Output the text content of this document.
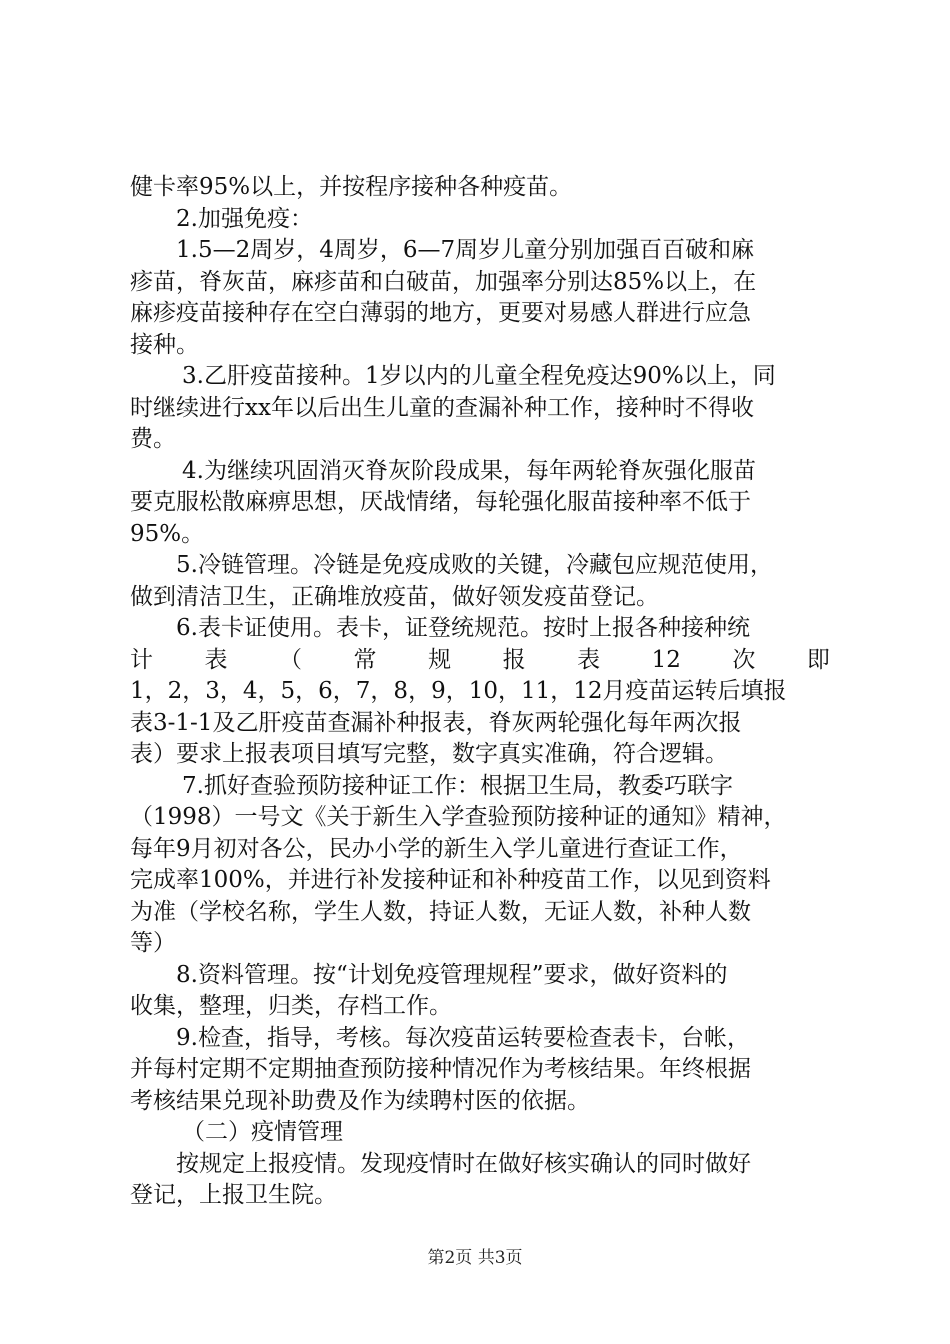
健卡率95%以上，并按程序接种各种疫苗。

2.加强免疫：

1.5—2周岁，4周岁，6—7周岁儿童分别加强百百破和麻

疹苗，脊灰苗，麻疹苗和白破苗，加强率分别达85%以上，在

麻疹疫苗接种存在空白薄弱的地方，更要对易感人群进行应急

接种。

3.乙肝疫苗接种。1岁以内的儿童全程免疫达90%以上，同

时继续进行xx年以后出生儿童的查漏补种工作，接种时不得收

费。

4.为继续巩固消灭脊灰阶段成果，每年两轮脊灰强化服苗

要克服松散麻痹思想，厌战情绪，每轮强化服苗接种率不低于

95%。

5.冷链管理。冷链是免疫成败的关键，冷藏包应规范使用，

做到清洁卫生，正确堆放疫苗，做好领发疫苗登记。

6.表卡证使用。表卡，证登统规范。按时上报各种接种统

计 表 （ 常 规 报 表 12 次 即

1，2，3，4，5，6，7，8，9，10，11，12月疫苗运转后填报

表3-1-1及乙肝疫苗查漏补种报表，脊灰两轮强化每年两次报

表）要求上报表项目填写完整，数字真实准确，符合逻辑。

7.抓好查验预防接种证工作：根据卫生局，教委巧联字

（1998）一号文《关于新生入学查验预防接种证的通知》精神，

每年9月初对各公，民办小学的新生入学儿童进行查证工作，

完成率100%，并进行补发接种证和补种疫苗工作，以见到资料

为准（学校名称，学生人数，持证人数，无证人数，补种人数

等）

8.资料管理。按“计划免疫管理规程”要求，做好资料的

收集，整理，归类，存档工作。

9.检查，指导，考核。每次疫苗运转要检查表卡，台帐，

并每村定期不定期抽查预防接种情况作为考核结果。年终根据

考核结果兑现补助费及作为续聘村医的依据。

（二）疫情管理

按规定上报疫情。发现疫情时在做好核实确认的同时做好

登记，上报卫生院。

第2页 共3页
